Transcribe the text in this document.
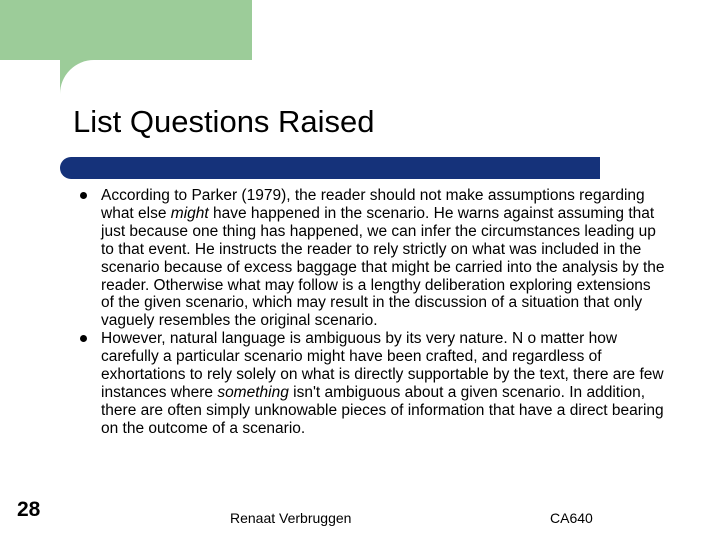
List Questions Raised
According to Parker (1979), the reader should not make assumptions regarding what else might have happened in the scenario. He warns against assuming that just because one thing has happened, we can infer the circumstances leading up to that event. He instructs the reader to rely strictly on what was included in the scenario because of excess baggage that might be carried into the analysis by the reader. Otherwise what may follow is a lengthy deliberation exploring extensions of the given scenario, which may result in the discussion of a situation that only vaguely resembles the original scenario.
However, natural language is ambiguous by its very nature. N o matter how carefully a particular scenario might have been crafted, and regardless of exhortations to rely solely on what is directly supportable by the text, there are few instances where something isn't ambiguous about a given scenario. In addition, there are often simply unknowable pieces of information that have a direct bearing on the outcome of a scenario.
28	Renaat Verbruggen	CA640
